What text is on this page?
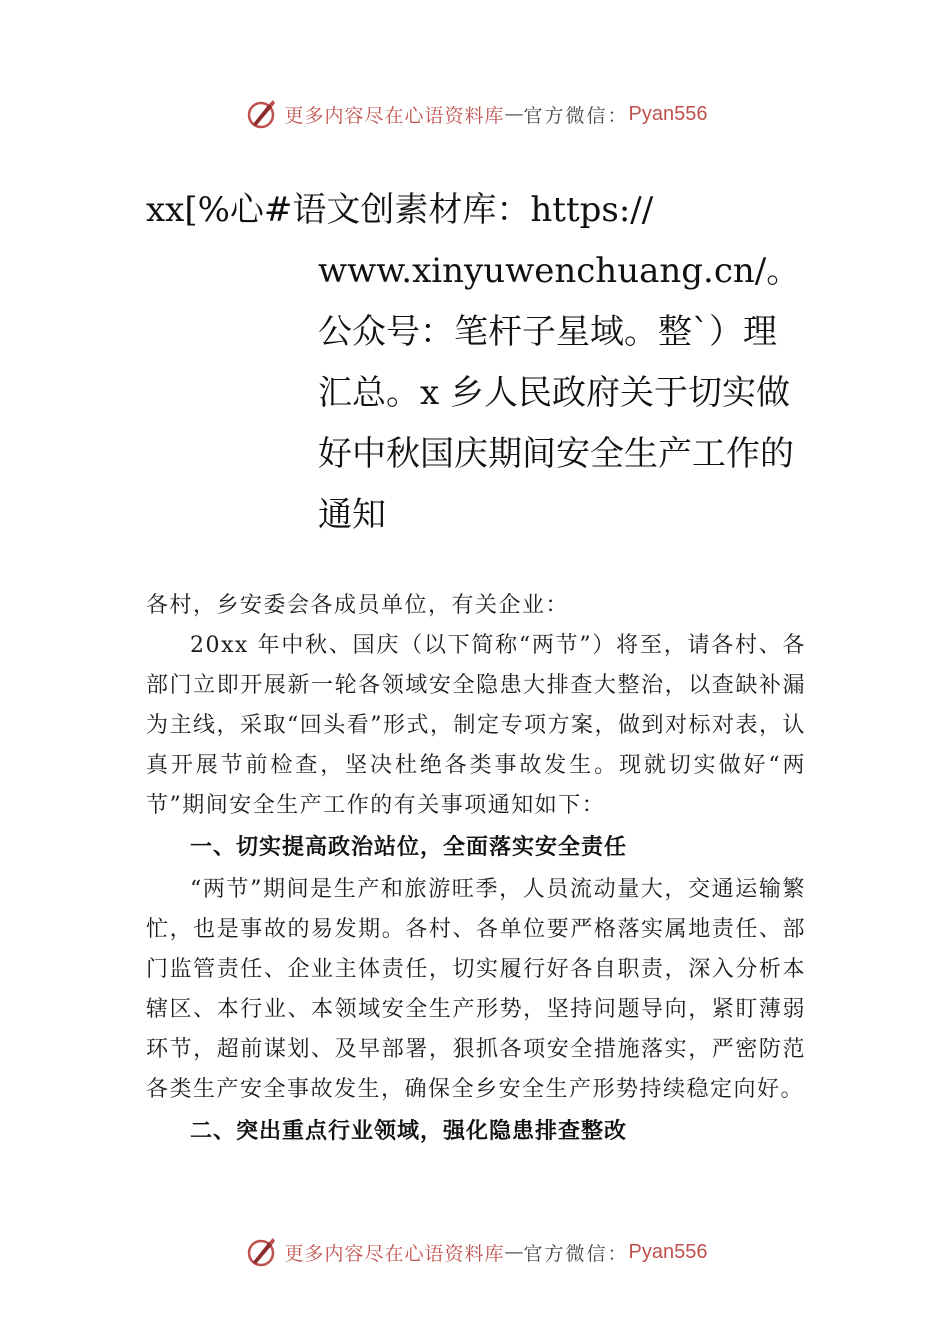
更多内容尽在心语资料库 — 官方微信： Pyan556
xx[%心#语文创素材库：https://
www.xinyuwenchuang.cn/。公众号：笔杆子星域。整`）理汇总。x 乡人民政府关于切实做好中秋国庆期间安全生产工作的通知

各村，乡安委会各成员单位，有关企业：

20xx 年中秋、国庆（以下简称“两节”）将至，请各村、各部门立即开展新一轮各领域安全隐患大排查大整治，以查缺补漏为主线，采取“回头看”形式，制定专项方案，做到对标对表，认真开展节前检查，坚决杜绝各类事故发生。现就切实做好“两节”期间安全生产工作的有关事项通知如下：

一、切实提高政治站位，全面落实安全责任

“两节”期间是生产和旅游旺季，人员流动量大，交通运输繁忙，也是事故的易发期。各村、各单位要严格落实属地责任、部门监管责任、企业主体责任，切实履行好各自职责，深入分析本辖区、本行业、本领域安全生产形势，坚持问题导向，紧盯薄弱环节，超前谋划、及早部署，狠抓各项安全措施落实，严密防范各类生产安全事故发生，确保全乡安全生产形势持续稳定向好。

二、突出重点行业领域，强化隐患排查整改
更多内容尽在心语资料库 — 官方微信： Pyan556
